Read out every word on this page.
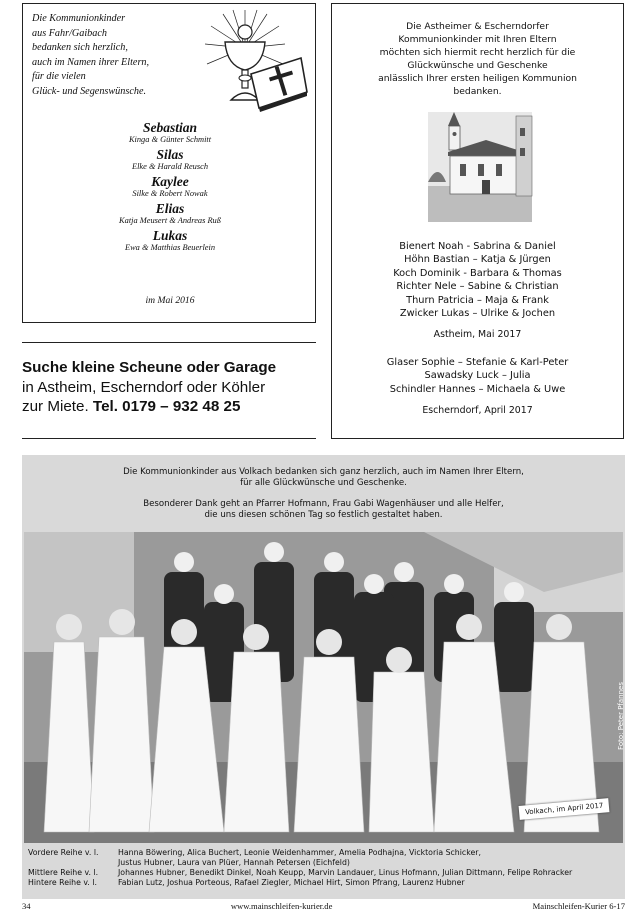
Die Kommunionkinder
aus Fahr/Gaibach
bedanken sich herzlich,
auch im Namen ihrer Eltern,
für die vielen
Glück- und Segenswünsche.
Sebastian
Kinga & Günter Schmitt
Silas
Elke & Harald Reusch
Kaylee
Silke & Robert Nowak
Elias
Katja Meusert & Andreas Ruß
Lukas
Ewa & Matthias Beuerlein
im Mai 2016
Suche kleine Scheune oder Garage
in Astheim, Escherndorf oder Köhler
zur Miete. Tel. 0179 – 932 48 25
Die Astheimer & Escherndorfer
Kommunionkinder mit Ihren Eltern
möchten sich hiermit recht herzlich für die
Glückwünsche und Geschenke
anlässlich Ihrer ersten heiligen Kommunion
bedanken.
Bienert Noah - Sabrina & Daniel
Höhn Bastian – Katja & Jürgen
Koch Dominik - Barbara & Thomas
Richter Nele – Sabine & Christian
Thurn Patricia – Maja & Frank
Zwicker Lukas – Ulrike & Jochen
Astheim, Mai 2017
Glaser Sophie – Stefanie & Karl-Peter
Sawadsky Luck – Julia
Schindler Hannes – Michaela & Uwe
Escherndorf, April 2017
Die Kommunionkinder aus Volkach bedanken sich ganz herzlich, auch im Namen Ihrer Eltern,
für alle Glückwünsche und Geschenke.
Besonderer Dank geht an Pfarrer Hofmann, Frau Gabi Wagenhäuser und alle Helfer,
die uns diesen schönen Tag so festlich gestaltet haben.
Foto: Peter Pfannes
Volkach, im April 2017
Vordere Reihe v. l.	Hanna Böwering, Alica Buchert, Leonie Weidenhammer, Amelia Podhajna, Vicktoria Schicker,
Justus Hubner, Laura van Plüer, Hannah Petersen (Eichfeld)
Mittlere Reihe v. l.	Johannes Hubner, Benedikt Dinkel, Noah Keupp, Marvin Landauer, Linus Hofmann, Julian Dittmann, Felipe Rohracker
Hintere Reihe v. l.	Fabian Lutz, Joshua Porteous, Rafael Ziegler, Michael Hirt, Simon Pfrang, Laurenz Hubner
34	www.mainschleifen-kurier.de	Mainschleifen-Kurier 6-17
